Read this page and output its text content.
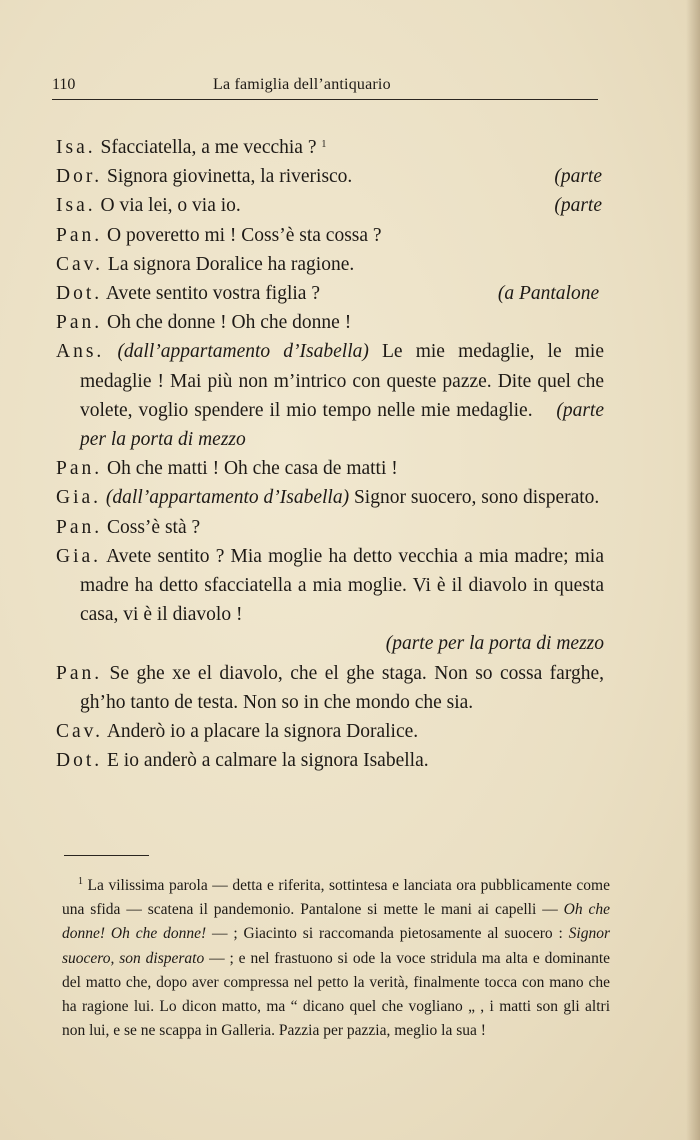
110	La famiglia dell’antiquario
Isa. Sfacciatella, a me vecchia ? $^1$
Dor. Signora giovinetta, la riverisco.	(parte
Isa. O via lei, o via io.	(parte
Pan. O poveretto mi ! Coss’è sta cossa ?
Cav. La signora Doralice ha ragione.
Dot. Avete sentito vostra figlia ?	(a Pantalone
Pan. Oh che donne ! Oh che donne !
Ans. (dall’appartamento d’Isabella) Le mie medaglie, le mie medaglie ! Mai più non m’intrico con queste pazze. Dite quel che volete, voglio spendere il mio tempo nelle mie medaglie. (parte per la porta di mezzo
Pan. Oh che matti ! Oh che casa de matti !
Gia. (dall’appartamento d’Isabella) Signor suocero, sono disperato.
Pan. Coss’è stà ?
Gia. Avete sentito ? Mia moglie ha detto vecchia a mia madre; mia madre ha detto sfacciatella a mia moglie. Vi è il diavolo in questa casa, vi è il diavolo !
(parte per la porta di mezzo
Pan. Se ghe xe el diavolo, che el ghe staga. Non so cossa farghe, gh’ho tanto de testa. Non so in che mondo che sia.
Cav. Anderò io a placare la signora Doralice.
Dot. E io anderò a calmare la signora Isabella.
$^1$ La vilissima parola — detta e riferita, sottintesa e lanciata ora pubblicamente come una sfida — scatena il pandemonio. Pantalone si mette le mani ai capelli — Oh che donne! Oh che donne! — ; Giacinto si raccomanda pietosamente al suocero : Signor suocero, son disperato — ; e nel frastuono si ode la voce stridula ma alta e dominante del matto che, dopo aver compressa nel petto la verità, finalmente tocca con mano che ha ragione lui. Lo dicon matto, ma “ dicano quel che vogliano „ , i matti son gli altri non lui, e se ne scappa in Galleria. Pazzia per pazzia, meglio la sua !
